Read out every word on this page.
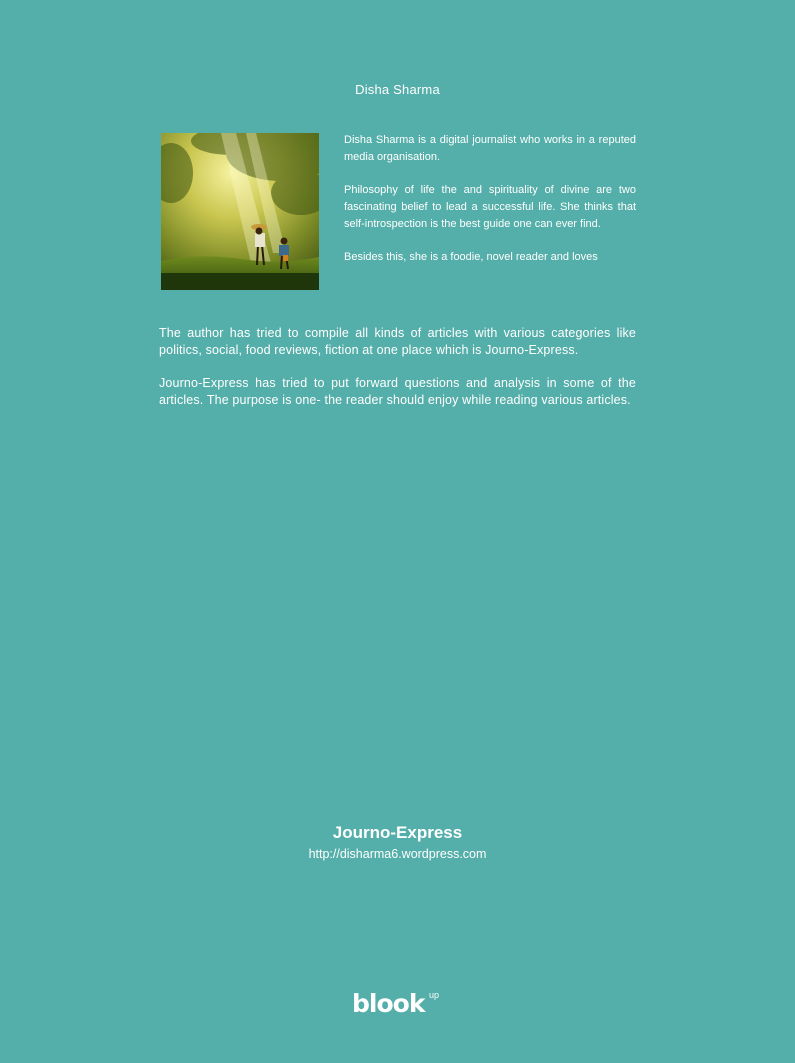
Disha Sharma

Disha Sharma is a digital journalist who works in a reputed media organisation.

Philosophy of life the and spirituality of divine are two fascinating belief to lead a successful life. She thinks that self-introspection is the best guide one can ever find.

Besides this, she is a foodie, novel reader and loves

The author has tried to compile all kinds of articles with various categories like politics, social, food reviews, fiction at one place which is Journo-Express.

Journo-Express has tried to put forward questions and analysis in some of the articles. The purpose is one- the reader should enjoy while reading various articles.

Journo-Express
http://disharma6.wordpress.com
blook up
